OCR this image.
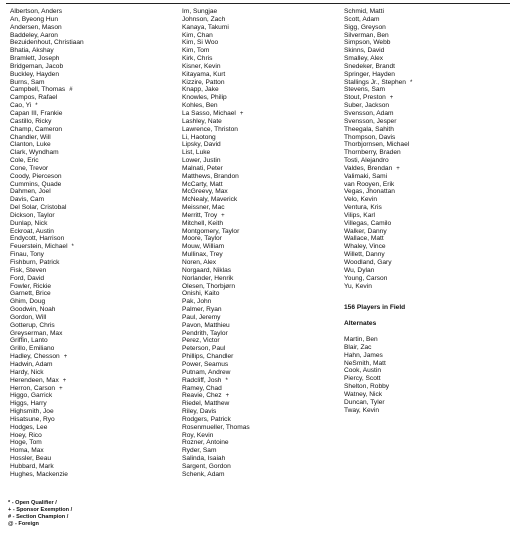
Albertson, Anders
An, Byeong Hun
Andersen, Mason
Baddeley, Aaron
Bezuidenhout, Christiaan
Bhatia, Akshay
Bramlett, Joseph
Bridgeman, Jacob
Buckley, Hayden
Burns, Sam
Campbell, Thomas #
Campos, Rafael
Cao, Yi *
Capan III, Frankie
Castillo, Ricky
Champ, Cameron
Chandler, Will
Clanton, Luke
Clark, Wyndham
Cole, Eric
Cone, Trevor
Coody, Pierceson
Cummins, Quade
Dahmen, Joel
Davis, Cam
Del Solar, Cristobal
Dickson, Taylor
Dunlap, Nick
Eckroat, Austin
Endycott, Harrison
Feuerstein, Michael *
Finau, Tony
Fishburn, Patrick
Fisk, Steven
Ford, David
Fowler, Rickie
Garnett, Brice
Ghim, Doug
Goodwin, Noah
Gordon, Will
Gotterup, Chris
Greyserman, Max
Griffin, Lanto
Grillo, Emiliano
Hadley, Chesson +
Hadwin, Adam
Hardy, Nick
Herendeen, Max +
Herron, Carson +
Higgo, Garrick
Higgs, Harry
Highsmith, Joe
Hisatsune, Ryo
Hodges, Lee
Hoey, Rico
Hoge, Tom
Homa, Max
Hossler, Beau
Hubbard, Mark
Hughes, Mackenzie
Im, Sungjae
Johnson, Zach
Kanaya, Takumi
Kim, Chan
Kim, Si Woo
Kim, Tom
Kirk, Chris
Kisner, Kevin
Kitayama, Kurt
Kizzire, Patton
Knapp, Jake
Knowles, Philip
Kohles, Ben
La Sasso, Michael +
Lashley, Nate
Lawrence, Thriston
Li, Haotong
Lipsky, David
List, Luke
Lower, Justin
Malnati, Peter
Matthews, Brandon
McCarty, Matt
McGreevy, Max
McNealy, Maverick
Meissner, Mac
Merritt, Troy +
Mitchell, Keith
Montgomery, Taylor
Moore, Taylor
Mouw, William
Mullinax, Trey
Noren, Alex
Norgaard, Niklas
Norlander, Henrik
Olesen, Thorbjørn
Onishi, Kaito
Pak, John
Palmer, Ryan
Paul, Jeremy
Pavon, Matthieu
Pendrith, Taylor
Perez, Victor
Peterson, Paul
Phillips, Chandler
Power, Seamus
Putnam, Andrew
Radcliff, Josh *
Ramey, Chad
Reavie, Chez +
Riedel, Matthew
Riley, Davis
Rodgers, Patrick
Rosenmueller, Thomas
Roy, Kevin
Rozner, Antoine
Ryder, Sam
Salinda, Isaiah
Sargent, Gordon
Schenk, Adam
Schmid, Matti
Scott, Adam
Sigg, Greyson
Silverman, Ben
Simpson, Webb
Skinns, David
Smalley, Alex
Snedeker, Brandt
Springer, Hayden
Stallings Jr., Stephen *
Stevens, Sam
Stout, Preston +
Suber, Jackson
Svensson, Adam
Svensson, Jesper
Theegala, Sahith
Thompson, Davis
Thorbjornsen, Michael
Thornberry, Braden
Tosti, Alejandro
Valdes, Brendan +
Valimaki, Sami
van Rooyen, Erik
Vegas, Jhonattan
Velo, Kevin
Ventura, Kris
Vilips, Karl
Villegas, Camilo
Walker, Danny
Wallace, Matt
Whaley, Vince
Willett, Danny
Woodland, Gary
Wu, Dylan
Young, Carson
Yu, Kevin
156 Players in Field
Alternates
Martin, Ben
Blair, Zac
Hahn, James
NeSmith, Matt
Cook, Austin
Piercy, Scott
Shelton, Robby
Watney, Nick
Duncan, Tyler
Tway, Kevin
* - Open Qualifier /
+ - Sponsor Exemption /
# - Section Champion /
@ - Foreign
